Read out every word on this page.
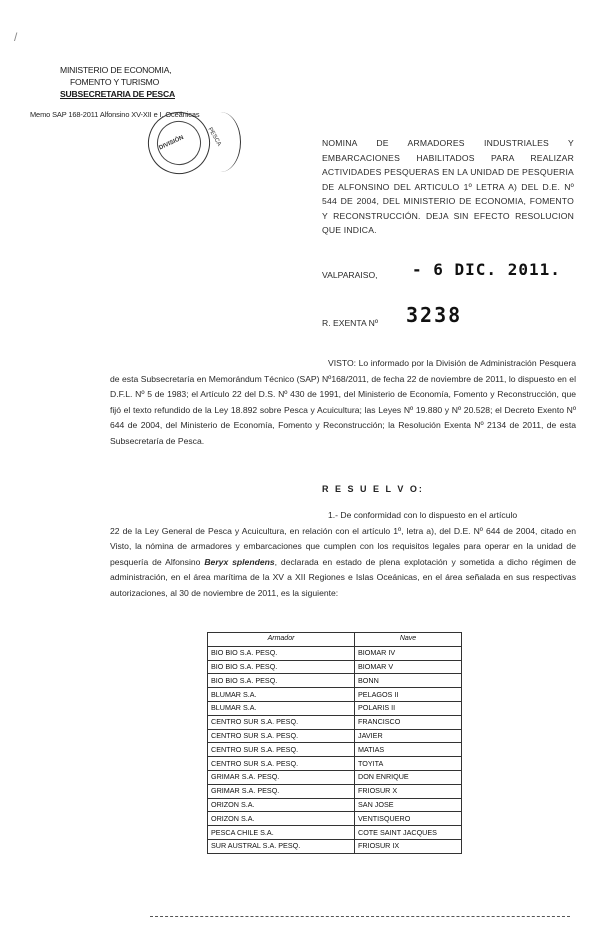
/
MINISTERIO DE ECONOMIA,
FOMENTO Y TURISMO
SUBSECRETARIA DE PESCA
Memo SAP 168-2011 Alfonsino XV-XII e I. Oceánicas
DIVISIÓN	PESCA	NOMINA DE ARMADORES INDUSTRIALES Y EMBARCACIONES HABILITADOS PARA REALIZAR ACTIVIDADES PESQUERAS EN LA UNIDAD DE PESQUERIA DE ALFONSINO DEL ARTICULO 1º LETRA A) DEL D.E. Nº 544 DE 2004, DEL MINISTERIO DE ECONOMIA, FOMENTO Y RECONSTRUCCIÓN. DEJA SIN EFECTO RESOLUCION QUE INDICA.
VALPARAISO, - 6 DIC. 2011.
R. EXENTA Nº 3238
VISTO: Lo informado por la División de Administración Pesquera de esta Subsecretaría en Memorándum Técnico (SAP) Nº168/2011, de fecha 22 de noviembre de 2011, lo dispuesto en el D.F.L. Nº 5 de 1983; el Artículo 22 del D.S. Nº 430 de 1991, del Ministerio de Economía, Fomento y Reconstrucción, que fijó el texto refundido de la Ley 18.892 sobre Pesca y Acuicultura; las Leyes Nº 19.880 y Nº 20.528; el Decreto Exento Nº 644 de 2004, del Ministerio de Economía, Fomento y Reconstrucción; la Resolución Exenta Nº 2134 de 2011, de esta Subsecretaría de Pesca.
R E S U E L V O:
1.- De conformidad con lo dispuesto en el artículo
22 de la Ley General de Pesca y Acuicultura, en relación con el artículo 1º, letra a), del D.E. Nº 644 de 2004, citado en Visto, la nómina de armadores y embarcaciones que cumplen con los requisitos legales para operar en la unidad de pesquería de Alfonsino Beryx splendens, declarada en estado de plena explotación y sometida a dicho régimen de administración, en el área marítima de la XV a XII Regiones e Islas Oceánicas, en el área señalada en sus respectivas autorizaciones, al 30 de noviembre de 2011, es la siguiente:
Armador	Nave
BIO BIO S.A. PESQ.	BIOMAR IV
BIO BIO S.A. PESQ.	BIOMAR V
BIO BIO S.A. PESQ.	BONN
BLUMAR S.A.	PELAGOS II
BLUMAR S.A.	POLARIS II
CENTRO SUR S.A. PESQ.	FRANCISCO
CENTRO SUR S.A. PESQ.	JAVIER
CENTRO SUR S.A. PESQ.	MATIAS
CENTRO SUR S.A. PESQ.	TOYITA
GRIMAR S.A. PESQ.	DON ENRIQUE
GRIMAR S.A. PESQ.	FRIOSUR X
ORIZON S.A.	SAN JOSE
ORIZON S.A.	VENTISQUERO
PESCA CHILE S.A.	COTE SAINT JACQUES
SUR AUSTRAL S.A. PESQ.	FRIOSUR IX
